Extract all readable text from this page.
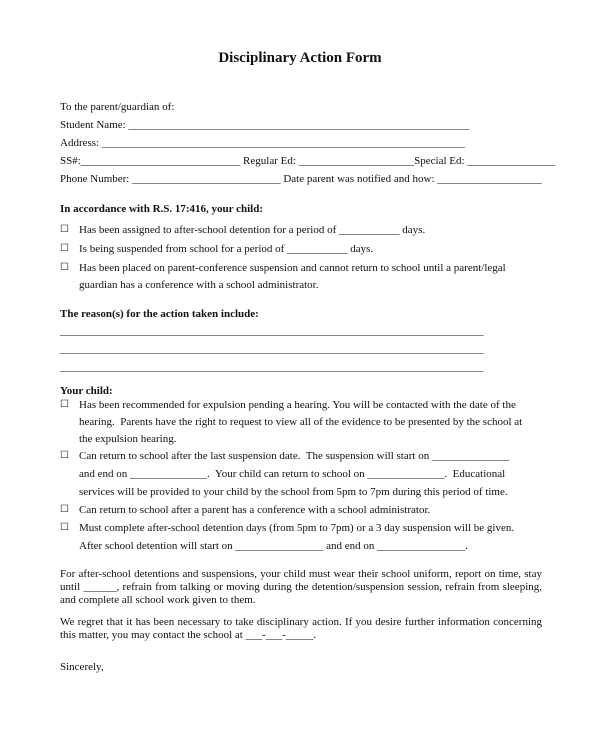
Disciplinary Action Form
To the parent/guardian of:
Student Name: ______________________________________________________________
Address: __________________________________________________________________
SS#:_____________________________ Regular Ed: _____________________Special Ed: ________________
Phone Number: ___________________________ Date parent was notified and how: ___________________
In accordance with R.S. 17:416, your child:
☐ Has been assigned to after-school detention for a period of ___________ days.
☐ Is being suspended from school for a period of ___________ days.
☐ Has been placed on parent-conference suspension and cannot return to school until a parent/legal
guardian has a conference with a school administrator.
The reason(s) for the action taken include:
_____________________________________________________________________________
_____________________________________________________________________________
_____________________________________________________________________________
Your child:
☐ Has been recommended for expulsion pending a hearing. You will be contacted with the date of the
hearing.  Parents have the right to request to view all of the evidence to be presented by the school at
the expulsion hearing.
☐ Can return to school after the last suspension date.  The suspension will start on ______________
and end on ______________.  Your child can return to school on ______________.  Educational
services will be provided to your child by the school from 5pm to 7pm during this period of time.
☐ Can return to school after a parent has a conference with a school administrator.
☐ Must complete after-school detention days (from 5pm to 7pm) or a 3 day suspension will be given.
After school detention will start on ________________ and end on ________________.
For after-school detentions and suspensions, your child must wear their school uniform, report on time, stay until ______, refrain from talking or moving during the detention/suspension session, refrain from sleeping, and complete all school work given to them.
We regret that it has been necessary to take disciplinary action. If you desire further information concerning this matter, you may contact the school at ___-___-_____.
Sincerely,
